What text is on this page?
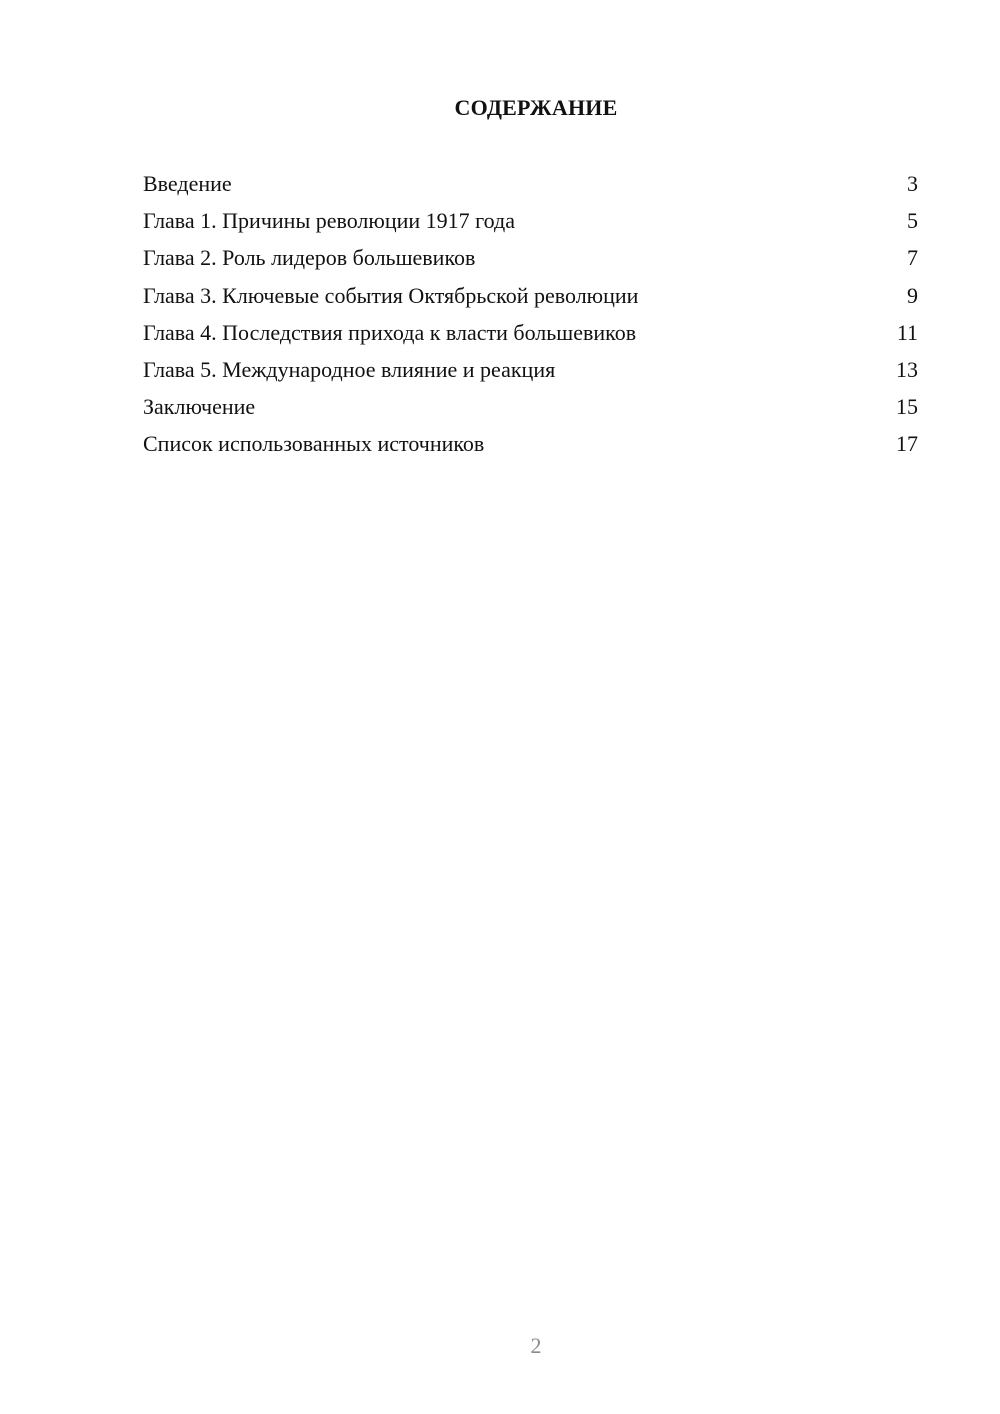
СОДЕРЖАНИЕ
Введение	3
Глава 1. Причины революции 1917 года	5
Глава 2. Роль лидеров большевиков	7
Глава 3. Ключевые события Октябрьской революции	9
Глава 4. Последствия прихода к власти большевиков	11
Глава 5. Международное влияние и реакция	13
Заключение	15
Список использованных источников	17
2
